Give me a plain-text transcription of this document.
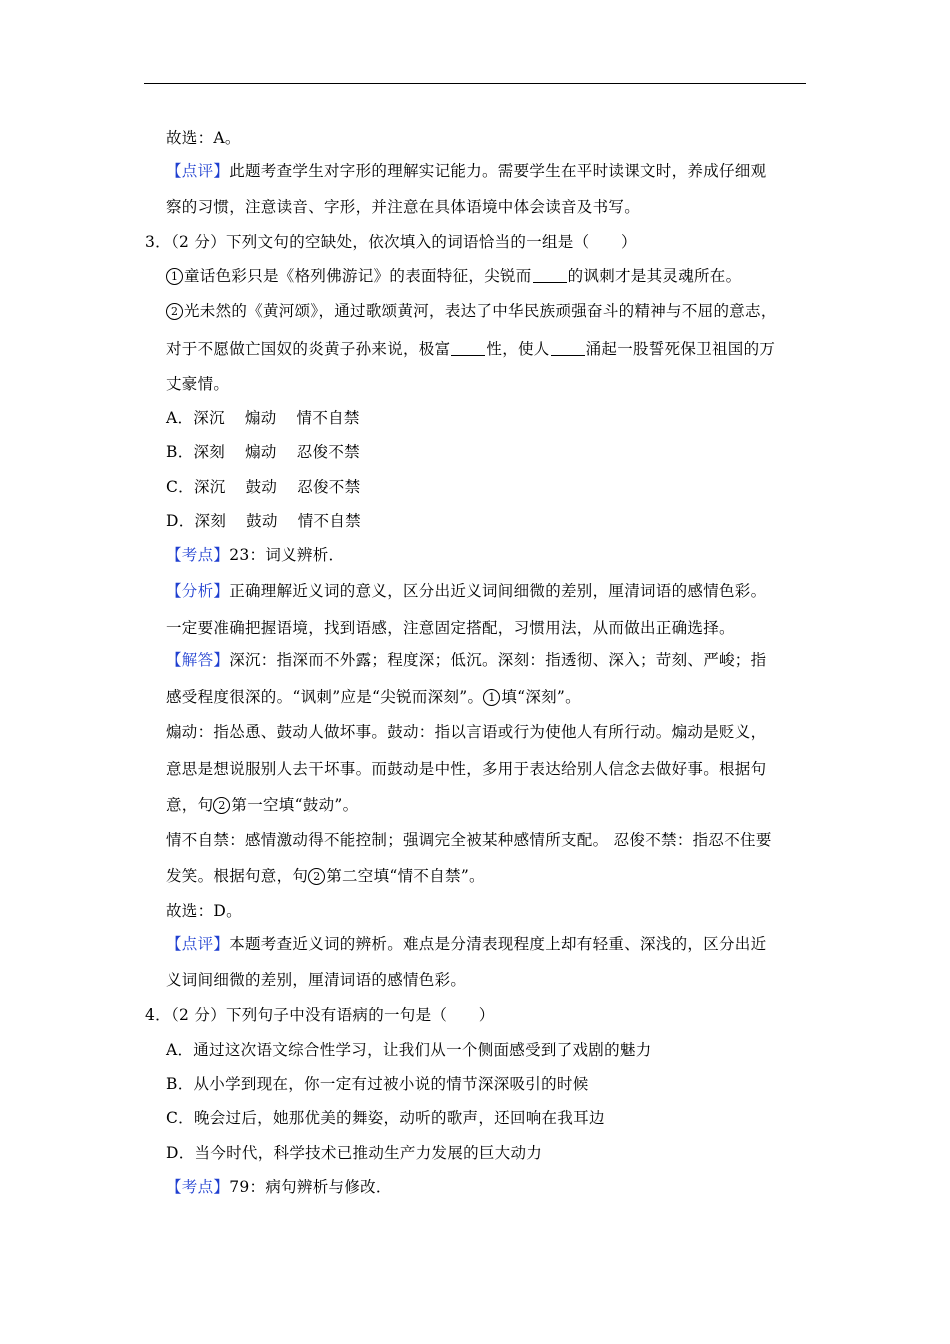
故选：A。
【点评】此题考查学生对字形的理解实记能力。需要学生在平时读课文时，养成仔细观
察的习惯，注意读音、字形，并注意在具体语境中体会读音及书写。
3．（2 分）下列文句的空缺处，依次填入的词语恰当的一组是（　　）
1 童话色彩只是《格列佛游记》的表面特征，尖锐而 的讽刺才是其灵魂所在。
2 光未然的《黄河颂》，通过歌颂黄河，表达了中华民族顽强奋斗的精神与不屈的意志，
对于不愿做亡国奴的炎黄子孙来说，极富 性，使人 涌起一股誓死保卫祖国的万
丈豪情。
A．深沉 煽动 情不自禁
B．深刻 煽动 忍俊不禁
C．深沉 鼓动 忍俊不禁
D．深刻 鼓动 情不自禁
【考点】23：词义辨析．
【分析】正确理解近义词的意义，区分出近义词间细微的差别，厘清词语的感情色彩。
一定要准确把握语境，找到语感，注意固定搭配，习惯用法，从而做出正确选择。
【解答】深沉：指深而不外露；程度深；低沉。深刻：指透彻、深入；苛刻、严峻；指
感受程度很深的。“讽刺”应是“尖锐而深刻”。 1 填“深刻”。
煽动：指怂恿、鼓动人做坏事。鼓动：指以言语或行为使他人有所行动。煽动是贬义，
意思是想说服别人去干坏事。而鼓动是中性，多用于表达给别人信念去做好事。根据句
意，句 2 第一空填“鼓动”。
情不自禁：感情激动得不能控制；强调完全被某种感情所支配。 忍俊不禁：指忍不住要
发笑。根据句意，句 2 第二空填“情不自禁”。
故选：D。
【点评】本题考查近义词的辨析。难点是分清表现程度上却有轻重、深浅的，区分出近
义词间细微的差别，厘清词语的感情色彩。
4．（2 分）下列句子中没有语病的一句是（　　）
A．通过这次语文综合性学习，让我们从一个侧面感受到了戏剧的魅力
B．从小学到现在，你一定有过被小说的情节深深吸引的时候
C．晚会过后，她那优美的舞姿，动听的歌声，还回响在我耳边
D．当今时代，科学技术已推动生产力发展的巨大动力
【考点】79：病句辨析与修改．
